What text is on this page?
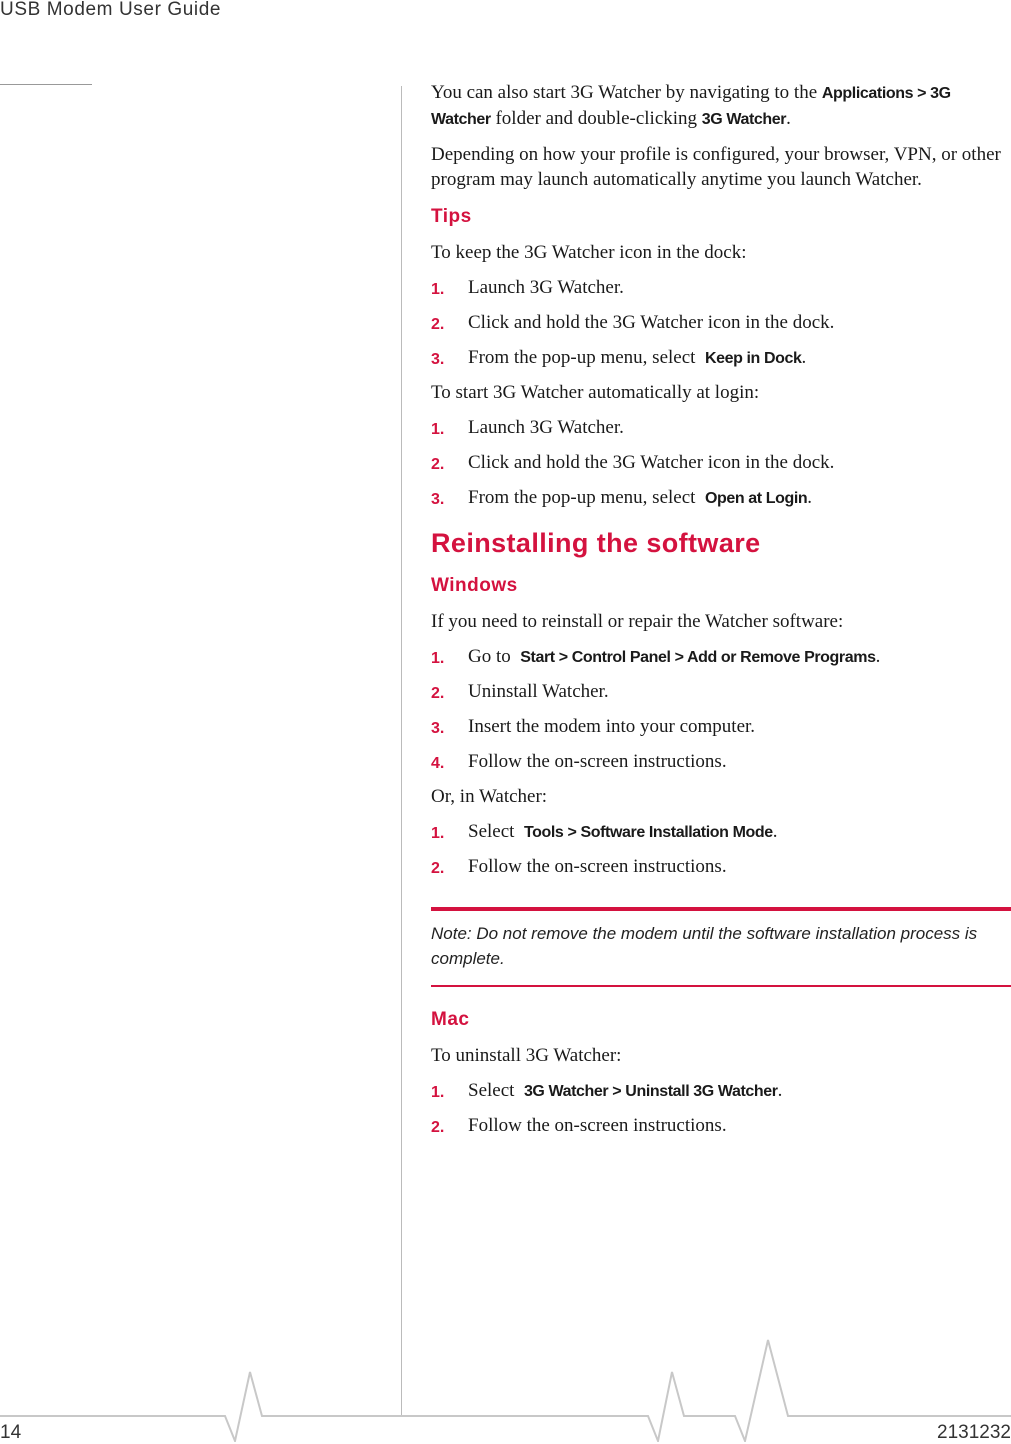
USB Modem User Guide

You can also start 3G Watcher by navigating to the Applications > 3G Watcher folder and double-clicking 3G Watcher.

Depending on how your profile is configured, your browser, VPN, or other program may launch automatically anytime you launch Watcher.

Tips

To keep the 3G Watcher icon in the dock:

1.	Launch 3G Watcher.
2.	Click and hold the 3G Watcher icon in the dock.
3.	From the pop-up menu, select  Keep in Dock.

To start 3G Watcher automatically at login:

1.	Launch 3G Watcher.
2.	Click and hold the 3G Watcher icon in the dock.
3.	From the pop-up menu, select  Open at Login.
Reinstalling the software
Windows

If you need to reinstall or repair the Watcher software:

1.	Go to  Start > Control Panel > Add or Remove Programs.
2.	Uninstall Watcher.
3.	Insert the modem into your computer.
4.	Follow the on-screen instructions.

Or, in Watcher:

1.	Select  Tools > Software Installation Mode.
2.	Follow the on-screen instructions.
Note: Do not remove the modem until the software installation process is complete.
Mac

To uninstall 3G Watcher:

1.	Select  3G Watcher > Uninstall 3G Watcher.
2.	Follow the on-screen instructions.
14	2131232
